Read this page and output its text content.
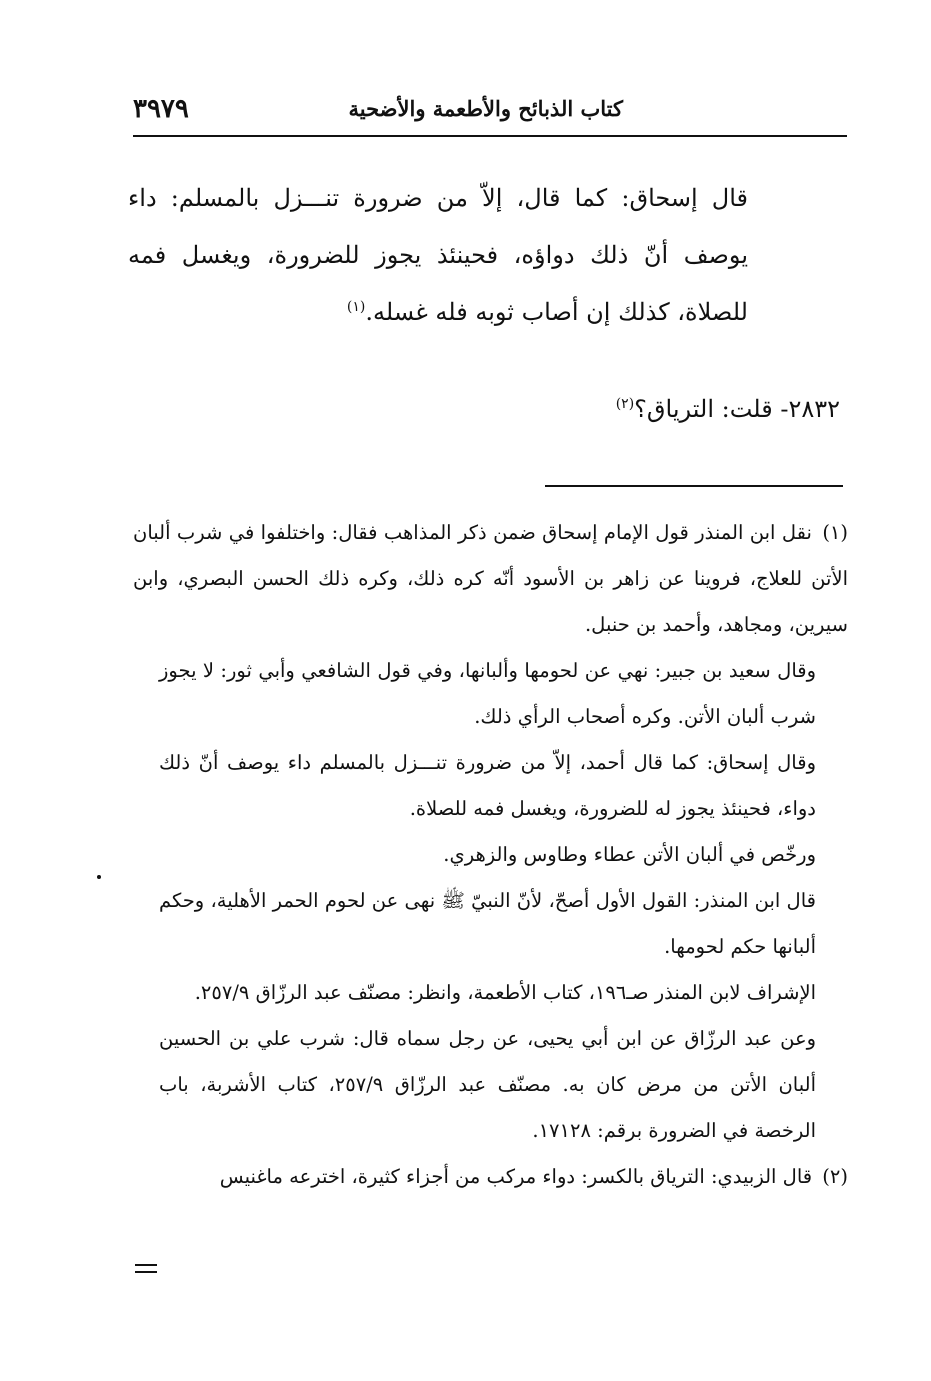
٣٩٧٩	كتاب الذبائح والأطعمة والأضحية

قال إسحاق: كما قال، إلاّ من ضرورة تنـــزل بالمسلم: داء يوصف أنّ ذلك دواؤه، فحينئذ يجوز للضرورة، ويغسل فمه للصلاة، كذلك إن أصاب ثوبه فله غسله.$^{(١)}$

٢٨٣٢- قلت: الترياق؟$^{(٢)}$

(١) نقل ابن المنذر قول الإمام إسحاق ضمن ذكر المذاهب فقال: واختلفوا في شرب ألبان الأتن للعلاج، فروينا عن زاهر بن الأسود أنّه كره ذلك، وكره ذلك الحسن البصري، وابن سيرين، ومجاهد، وأحمد بن حنبل.

وقال سعيد بن جبير: نهي عن لحومها وألبانها، وفي قول الشافعي وأبي ثور: لا يجوز شرب ألبان الأتن. وكره أصحاب الرأي ذلك.

وقال إسحاق: كما قال أحمد، إلاّ من ضرورة تنـــزل بالمسلم داء يوصف أنّ ذلك دواء، فحينئذ يجوز له للضرورة، ويغسل فمه للصلاة.

ورخّص في ألبان الأتن عطاء وطاوس والزهري.

قال ابن المنذر: القول الأول أصحّ، لأنّ النبيّ ﷺ نهى عن لحوم الحمر الأهلية، وحكم ألبانها حكم لحومها.

الإشراف لابن المنذر صـ١٩٦، كتاب الأطعمة، وانظر: مصنّف عبد الرزّاق ٢٥٧/٩.

وعن عبد الرزّاق عن ابن أبي يحيى، عن رجل سماه قال: شرب علي بن الحسين ألبان الأتن من مرض كان به. مصنّف عبد الرزّاق ٢٥٧/٩، كتاب الأشربة، باب الرخصة في الضرورة برقم: ١٧١٢٨.

(٢) قال الزبيدي: الترياق بالكسر: دواء مركب من أجزاء كثيرة، اخترعه ماغنيس
